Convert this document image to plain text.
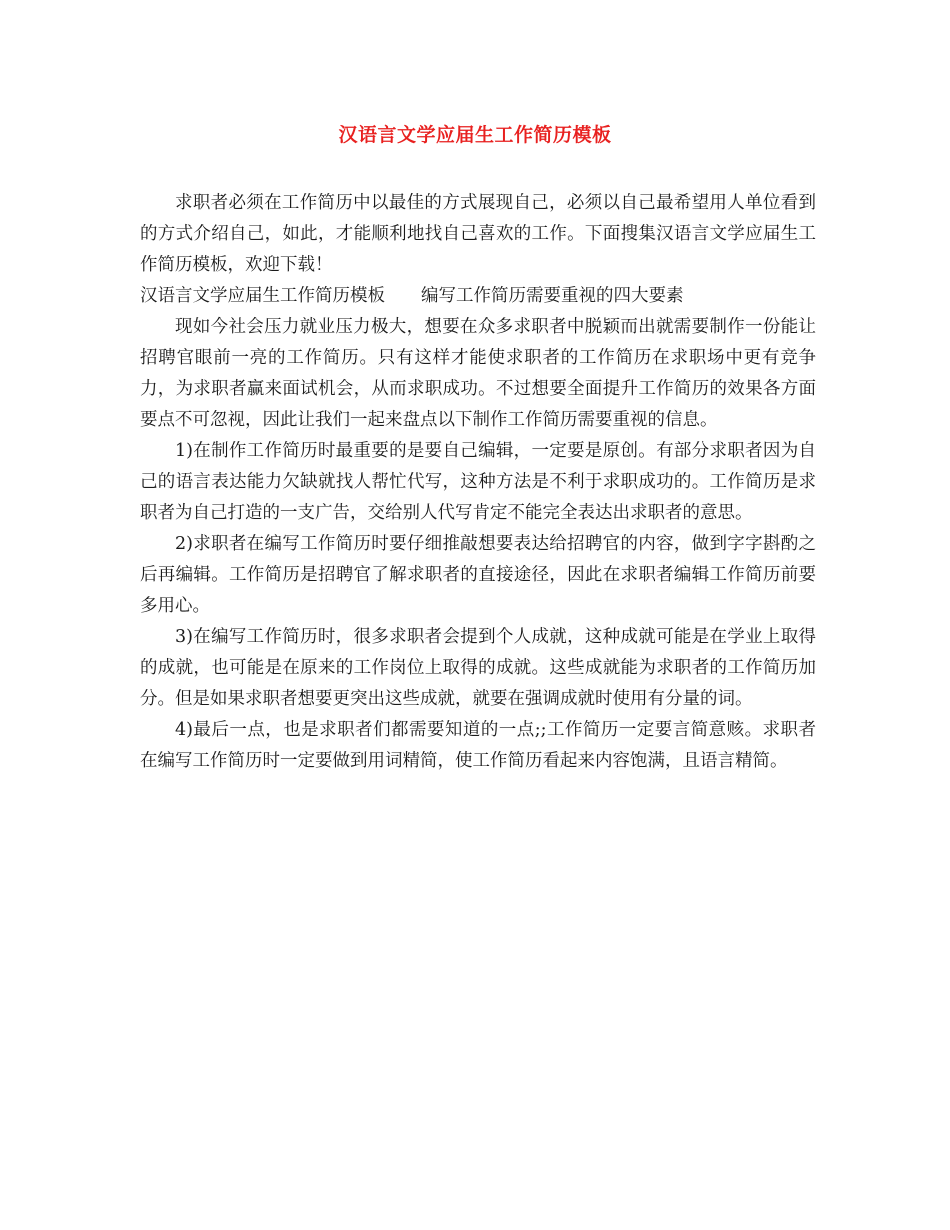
汉语言文学应届生工作简历模板

求职者必须在工作简历中以最佳的方式展现自己，必须以自己最希望用人单位看到的方式介绍自己，如此，才能顺利地找自己喜欢的工作。下面搜集汉语言文学应届生工作简历模板，欢迎下载！

汉语言文学应届生工作简历模板 编写工作简历需要重视的四大要素

现如今社会压力就业压力极大，想要在众多求职者中脱颖而出就需要制作一份能让招聘官眼前一亮的工作简历。只有这样才能使求职者的工作简历在求职场中更有竞争力，为求职者赢来面试机会，从而求职成功。不过想要全面提升工作简历的效果各方面要点不可忽视，因此让我们一起来盘点以下制作工作简历需要重视的信息。

1)在制作工作简历时最重要的是要自己编辑，一定要是原创。有部分求职者因为自己的语言表达能力欠缺就找人帮忙代写，这种方法是不利于求职成功的。工作简历是求职者为自己打造的一支广告，交给别人代写肯定不能完全表达出求职者的意思。

2)求职者在编写工作简历时要仔细推敲想要表达给招聘官的内容，做到字字斟酌之后再编辑。工作简历是招聘官了解求职者的直接途径，因此在求职者编辑工作简历前要多用心。

3)在编写工作简历时，很多求职者会提到个人成就，这种成就可能是在学业上取得的成就，也可能是在原来的工作岗位上取得的成就。这些成就能为求职者的工作简历加分。但是如果求职者想要更突出这些成就，就要在强调成就时使用有分量的词。

4)最后一点，也是求职者们都需要知道的一点;;工作简历一定要言简意赅。求职者在编写工作简历时一定要做到用词精简，使工作简历看起来内容饱满，且语言精简。
